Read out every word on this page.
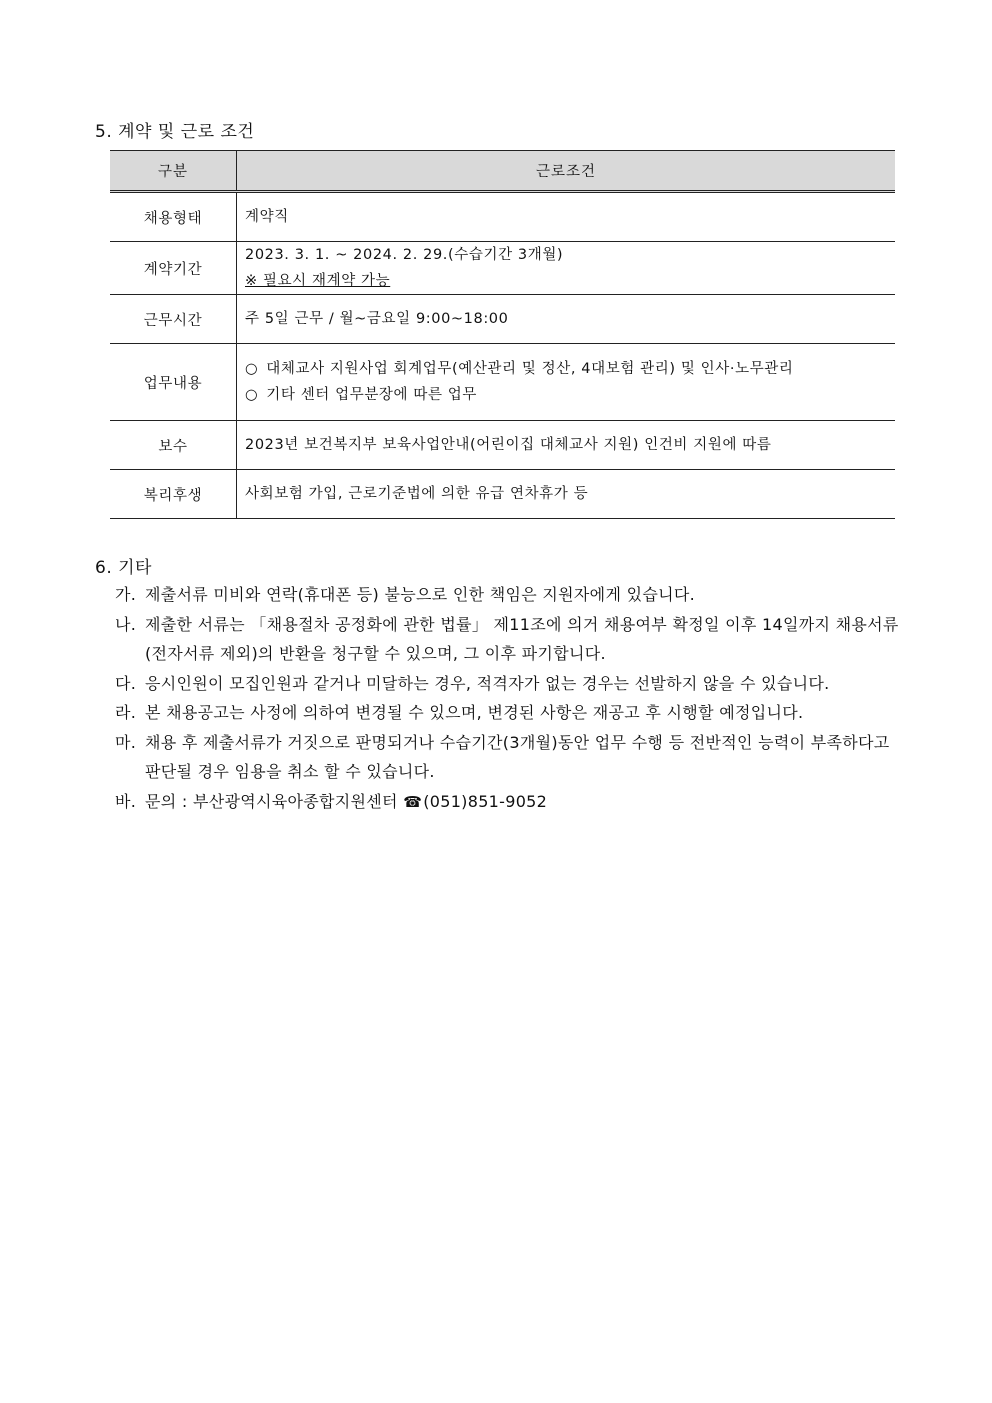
5. 계약 및 근로 조건
구분	근로조건
채용형태	계약직

계약기간	2023. 3. 1. ~ 2024. 2. 29.(수습기간 3개월)
※ 필요시 재계약 가능

근무시간	주 5일 근무 / 월~금요일 9:00~18:00

업무내용	○ 대체교사 지원사업 회계업무(예산관리 및 정산, 4대보험 관리) 및 인사·노무관리
○ 기타 센터 업무분장에 따른 업무

보수	2023년 보건복지부 보육사업안내(어린이집 대체교사 지원) 인건비 지원에 따름

복리후생	사회보험 가입, 근로기준법에 의한 유급 연차휴가 등
6. 기타
가. 제출서류 미비와 연락(휴대폰 등) 불능으로 인한 책임은 지원자에게 있습니다.
나. 제출한 서류는 「채용절차 공정화에 관한 법률」 제11조에 의거 채용여부 확정일 이후 14일까지 채용서류(전자서류 제외)의 반환을 청구할 수 있으며, 그 이후 파기합니다.
다. 응시인원이 모집인원과 같거나 미달하는 경우, 적격자가 없는 경우는 선발하지 않을 수 있습니다.
라. 본 채용공고는 사정에 의하여 변경될 수 있으며, 변경된 사항은 재공고 후 시행할 예정입니다.
마. 채용 후 제출서류가 거짓으로 판명되거나 수습기간(3개월)동안 업무 수행 등 전반적인 능력이 부족하다고 판단될 경우 임용을 취소 할 수 있습니다.
바. 문의 : 부산광역시육아종합지원센터 ☎(051)851-9052
